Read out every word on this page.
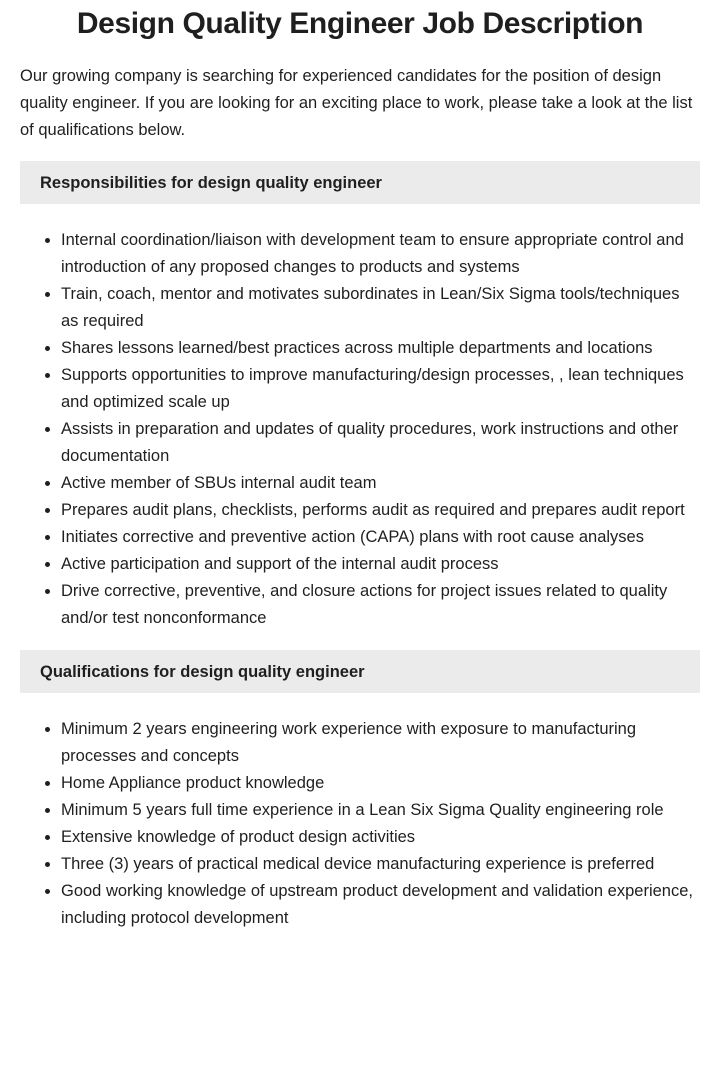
Design Quality Engineer Job Description

Our growing company is searching for experienced candidates for the position of design quality engineer. If you are looking for an exciting place to work, please take a look at the list of qualifications below.

Responsibilities for design quality engineer
Internal coordination/liaison with development team to ensure appropriate control and introduction of any proposed changes to products and systems
Train, coach, mentor and motivates subordinates in Lean/Six Sigma tools/techniques as required
Shares lessons learned/best practices across multiple departments and locations
Supports opportunities to improve manufacturing/design processes, , lean techniques and optimized scale up
Assists in preparation and updates of quality procedures, work instructions and other documentation
Active member of SBUs internal audit team
Prepares audit plans, checklists, performs audit as required and prepares audit report
Initiates corrective and preventive action (CAPA) plans with root cause analyses
Active participation and support of the internal audit process
Drive corrective, preventive, and closure actions for project issues related to quality and/or test nonconformance
Qualifications for design quality engineer
Minimum 2 years engineering work experience with exposure to manufacturing processes and concepts
Home Appliance product knowledge
Minimum 5 years full time experience in a Lean Six Sigma Quality engineering role
Extensive knowledge of product design activities
Three (3) years of practical medical device manufacturing experience is preferred
Good working knowledge of upstream product development and validation experience, including protocol development
